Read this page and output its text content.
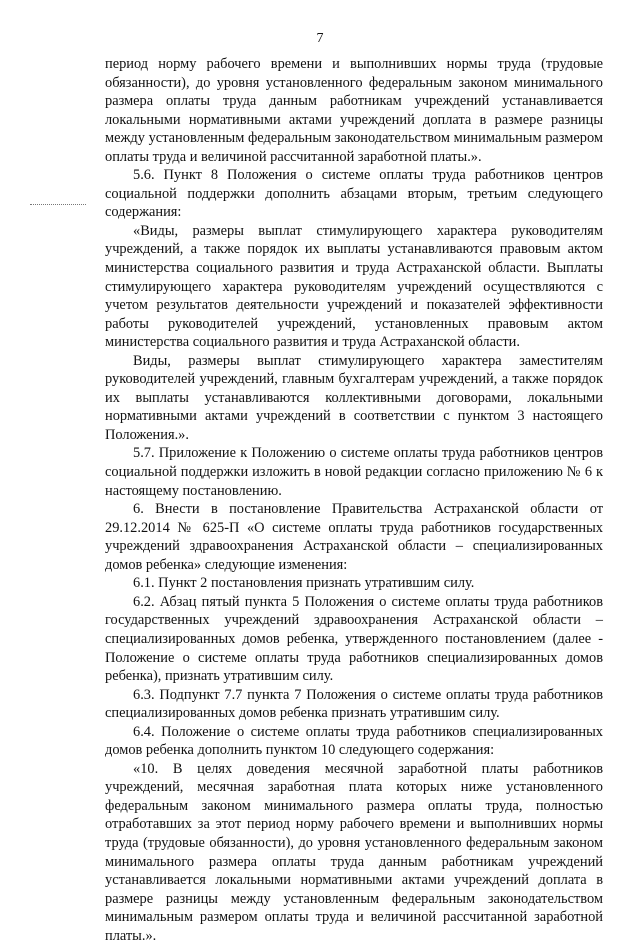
7

период норму рабочего времени и выполнивших нормы труда (трудовые обязанности), до уровня установленного федеральным законом минимального размера оплаты труда данным работникам учреждений устанавливается локальными нормативными актами учреждений доплата в размере разницы между установленным федеральным законодательством минимальным размером оплаты труда и величиной рассчитанной заработной платы.».

5.6. Пункт 8 Положения о системе оплаты труда работников центров социальной поддержки дополнить абзацами вторым, третьим следующего содержания:

«Виды, размеры выплат стимулирующего характера руководителям учреждений, а также порядок их выплаты устанавливаются правовым актом министерства социального развития и труда Астраханской области. Выплаты стимулирующего характера руководителям учреждений осуществляются с учетом результатов деятельности учреждений и показателей эффективности работы руководителей учреждений, установленных правовым актом министерства социального развития и труда Астраханской области.

Виды, размеры выплат стимулирующего характера заместителям руководителей учреждений, главным бухгалтерам учреждений, а также порядок их выплаты устанавливаются коллективными договорами, локальными нормативными актами учреждений в соответствии с пунктом 3 настоящего Положения.».

5.7. Приложение к Положению о системе оплаты труда работников центров социальной поддержки изложить в новой редакции согласно приложению № 6 к настоящему постановлению.

6. Внести в постановление Правительства Астраханской области от 29.12.2014 № 625-П «О системе оплаты труда работников государственных учреждений здравоохранения Астраханской области – специализированных домов ребенка» следующие изменения:

6.1. Пункт 2 постановления признать утратившим силу.

6.2. Абзац пятый пункта 5 Положения о системе оплаты труда работников государственных учреждений здравоохранения Астраханской области – специализированных домов ребенка, утвержденного постановлением (далее - Положение о системе оплаты труда работников специализированных домов ребенка), признать утратившим силу.

6.3. Подпункт 7.7 пункта 7 Положения о системе оплаты труда работников специализированных домов ребенка признать утратившим силу.

6.4. Положение о системе оплаты труда работников специализированных домов ребенка дополнить пунктом 10 следующего содержания:

«10. В целях доведения месячной заработной платы работников учреждений, месячная заработная плата которых ниже установленного федеральным законом минимального размера оплаты труда, полностью отработавших за этот период норму рабочего времени и выполнивших нормы труда (трудовые обязанности), до уровня установленного федеральным законом минимального размера оплаты труда данным работникам учреждений устанавливается локальными нормативными актами учреждений доплата в размере разницы между установленным федеральным законодательством минимальным размером оплаты труда и величиной рассчитанной заработной платы.».
